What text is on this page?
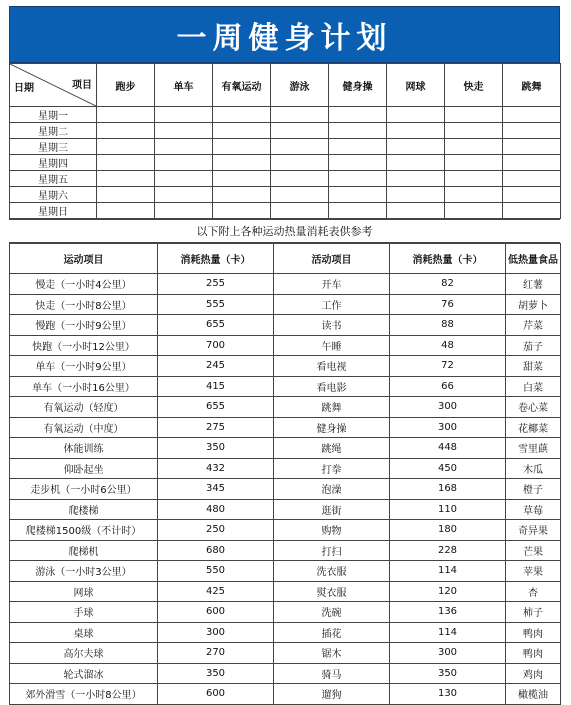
一周健身计划
日期 项目	跑步	单车	有氧运动	游泳	健身操	网球	快走	跳舞
星期一								
星期二								
星期三								
星期四								
星期五								
星期六								
星期日								
以下附上各种运动热量消耗表供参考
运动项目	消耗热量（卡）	活动项目	消耗热量（卡）	低热量食品
慢走（一小时4公里）	255	开车	82	红薯
快走（一小时8公里）	555	工作	76	胡萝卜
慢跑（一小时9公里）	655	读书	88	芹菜
快跑（一小时12公里）	700	午睡	48	茄子
单车（一小时9公里）	245	看电视	72	甜菜
单车（一小时16公里）	415	看电影	66	白菜
有氧运动（轻度）	655	跳舞	300	卷心菜
有氧运动（中度）	275	健身操	300	花椰菜
体能训练	350	跳绳	448	雪里蕻
仰卧起坐	432	打拳	450	木瓜
走步机（一小时6公里）	345	泡澡	168	橙子
爬楼梯	480	逛街	110	草莓
爬楼梯1500级（不计时）	250	购物	180	奇异果
爬梯机	680	打扫	228	芒果
游泳（一小时3公里）	550	洗衣服	114	苹果
网球	425	熨衣服	120	杏
手球	600	洗碗	136	柿子
桌球	300	插花	114	鸭肉
高尔夫球	270	锯木	300	鸭肉
轮式溜冰	350	骑马	350	鸡肉
郊外滑雪（一小时8公里）	600	遛狗	130	橄榄油
